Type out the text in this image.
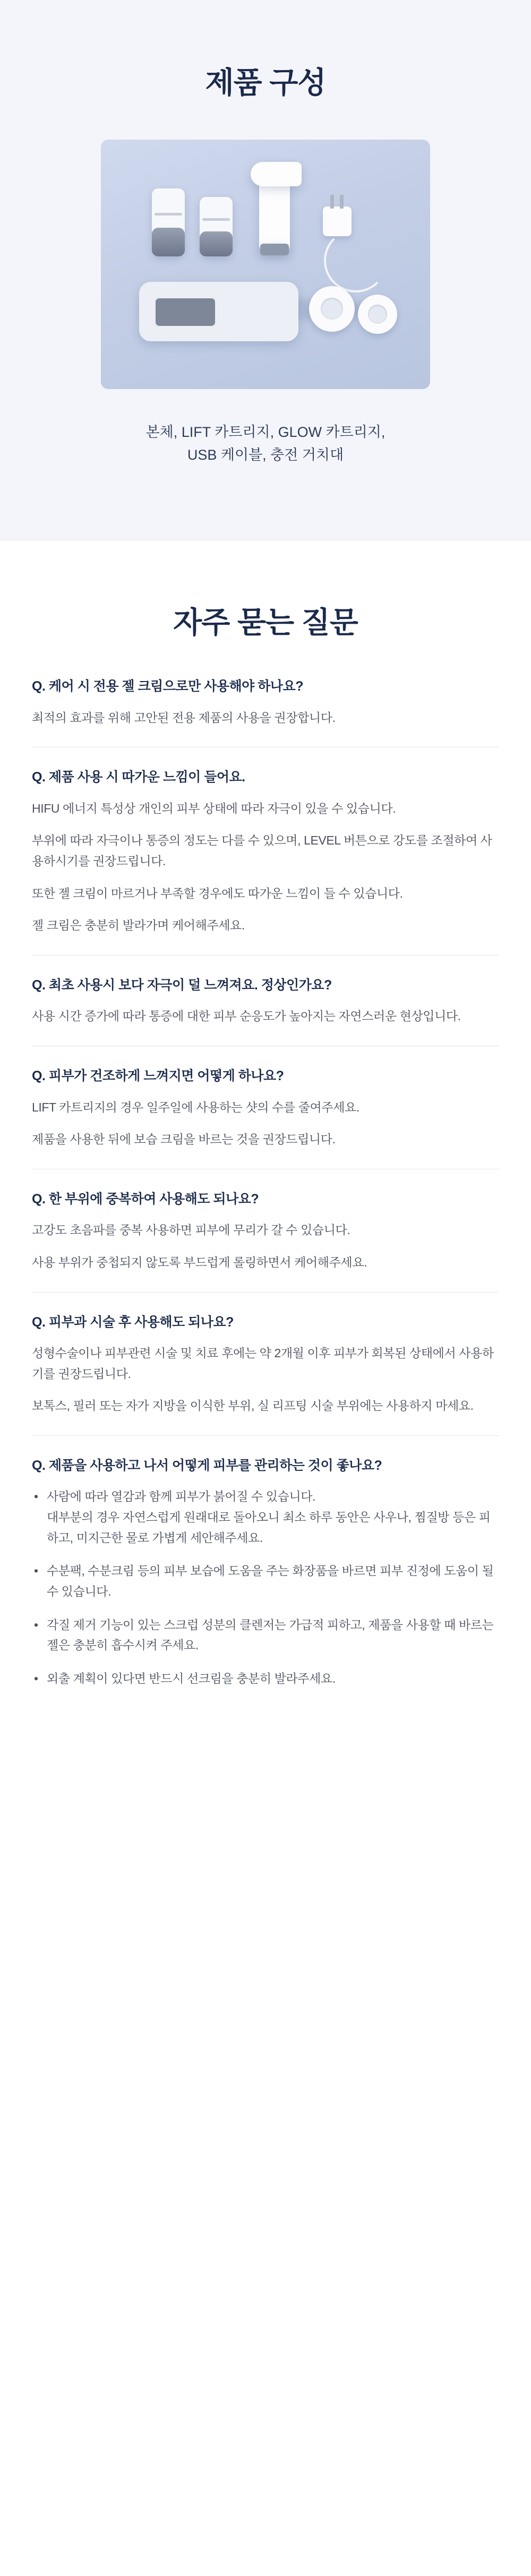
제품 구성
본체, LIFT 카트리지, GLOW 카트리지,
USB 케이블, 충전 거치대
자주 묻는 질문

Q. 케어 시 전용 젤 크림으로만 사용해야 하나요?

최적의 효과를 위해 고안된 전용 제품의 사용을 권장합니다.

Q. 제품 사용 시 따가운 느낌이 들어요.

HIFU 에너지 특성상 개인의 피부 상태에 따라 자극이 있을 수 있습니다.

부위에 따라 자극이나 통증의 정도는 다를 수 있으며, LEVEL 버튼으로 강도를 조절하여 사용하시기를 권장드립니다.

또한 젤 크림이 마르거나 부족할 경우에도 따가운 느낌이 들 수 있습니다.

젤 크림은 충분히 발라가며 케어해주세요.

Q. 최초 사용시 보다 자극이 덜 느껴져요. 정상인가요?

사용 시간 증가에 따라 통증에 대한 피부 순응도가 높아지는 자연스러운 현상입니다.

Q. 피부가 건조하게 느껴지면 어떻게 하나요?

LIFT 카트리지의 경우 일주일에 사용하는 샷의 수를 줄여주세요.

제품을 사용한 뒤에 보습 크림을 바르는 것을 권장드립니다.

Q. 한 부위에 중복하여 사용해도 되나요?

고강도 초음파를 중복 사용하면 피부에 무리가 갈 수 있습니다.

사용 부위가 중첩되지 않도록 부드럽게 롤링하면서 케어해주세요.

Q. 피부과 시술 후 사용해도 되나요?

성형수술이나 피부관련 시술 및 치료 후에는 약 2개월 이후 피부가 회복된 상태에서 사용하기를 권장드립니다.

보톡스, 필러 또는 자가 지방을 이식한 부위, 실 리프팅 시술 부위에는 사용하지 마세요.

Q. 제품을 사용하고 나서 어떻게 피부를 관리하는 것이 좋나요?

• 사람에 따라 열감과 함께 피부가 붉어질 수 있습니다.
대부분의 경우 자연스럽게 원래대로 돌아오니 최소 하루 동안은 사우나, 찜질방 등은 피하고, 미지근한 물로 가볍게 세안해주세요.
• 수분팩, 수분크림 등의 피부 보습에 도움을 주는 화장품을 바르면 피부 진정에 도움이 될 수 있습니다.
• 각질 제거 기능이 있는 스크럽 성분의 클렌저는 가급적 피하고, 제품을 사용할 때 바르는 젤은 충분히 흡수시켜 주세요.
• 외출 계획이 있다면 반드시 선크림을 충분히 발라주세요.
